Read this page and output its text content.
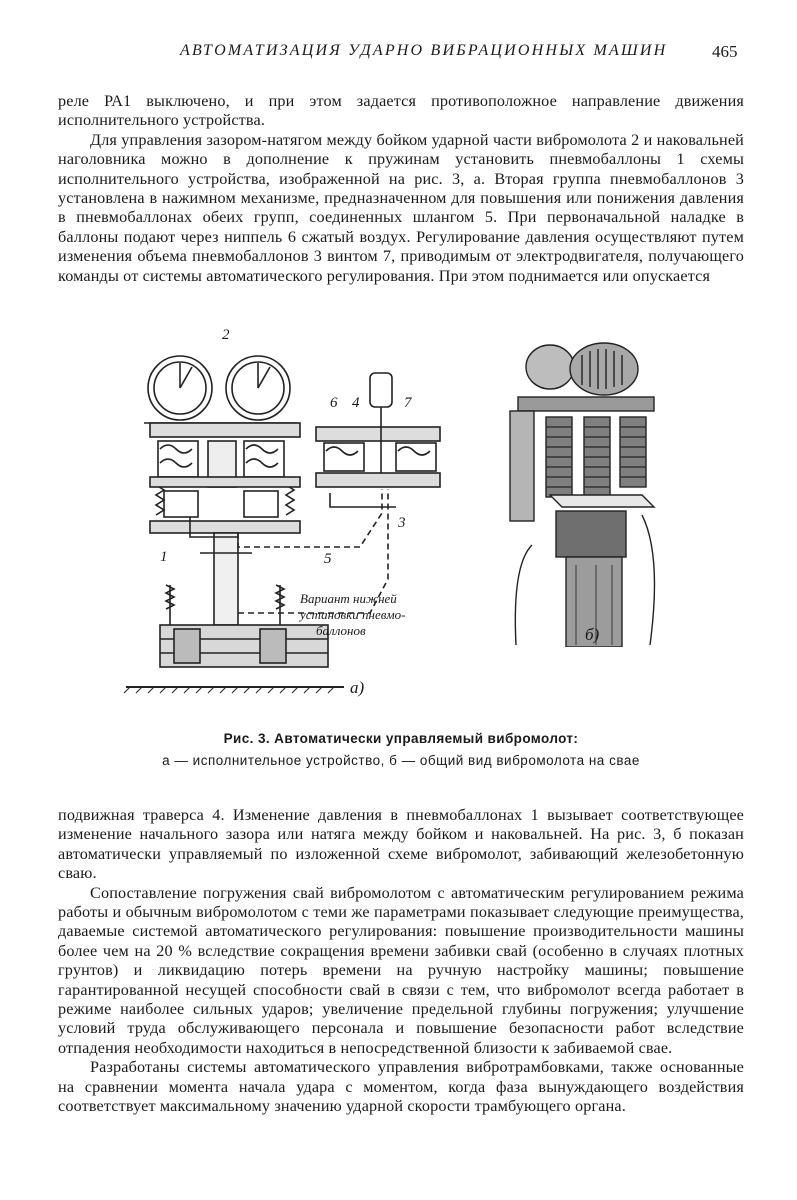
АВТОМАТИЗАЦИЯ УДАРНО ВИБРАЦИОННЫХ МАШИН	465

реле РА1 выключено, и при этом задается противоположное направление движения исполнительного устройства.

Для управления зазором-натягом между бойком ударной части вибромолота 2 и наковальней наголовника можно в дополнение к пружинам установить пневмобаллоны 1 схемы исполнительного устройства, изображенной на рис. 3, а. Вторая группа пневмобаллонов 3 установлена в нажимном механизме, предназначенном для повышения или понижения давления в пневмобаллонах обеих групп, соединенных шлангом 5. При первоначальной наладке в баллоны подают через ниппель 6 сжатый воздух. Регулирование давления осуществляют путем изменения объема пневмобаллонов 3 винтом 7, приводимым от электродвигателя, получающего команды от системы автоматического регулирования. При этом поднимается или опускается

2
6 4	7
1
3
5
Вариант нижней
установки пневмо-
баллонов
а)
б)
Рис. 3. Автоматически управляемый вибромолот:
а — исполнительное устройство, б — общий вид вибромолота на свае

подвижная траверса 4. Изменение давления в пневмобаллонах 1 вызывает соответствующее изменение начального зазора или натяга между бойком и наковальней. На рис. 3, б показан автоматически управляемый по изложенной схеме вибромолот, забивающий железобетонную сваю.

Сопоставление погружения свай вибромолотом с автоматическим регулированием режима работы и обычным вибромолотом с теми же параметрами показывает следующие преимущества, даваемые системой автоматического регулирования: повышение производительности машины более чем на 20 % вследствие сокращения времени забивки свай (особенно в случаях плотных грунтов) и ликвидацию потерь времени на ручную настройку машины; повышение гарантированной несущей способности свай в связи с тем, что вибромолот всегда работает в режиме наиболее сильных ударов; увеличение предельной глубины погружения; улучшение условий труда обслуживающего персонала и повышение безопасности работ вследствие отпадения необходимости находиться в непосредственной близости к забиваемой свае.

Разработаны системы автоматического управления вибротрамбовками, также основанные на сравнении момента начала удара с моментом, когда фаза вынуждающего воздействия соответствует максимальному значению ударной скорости трамбующего органа.
